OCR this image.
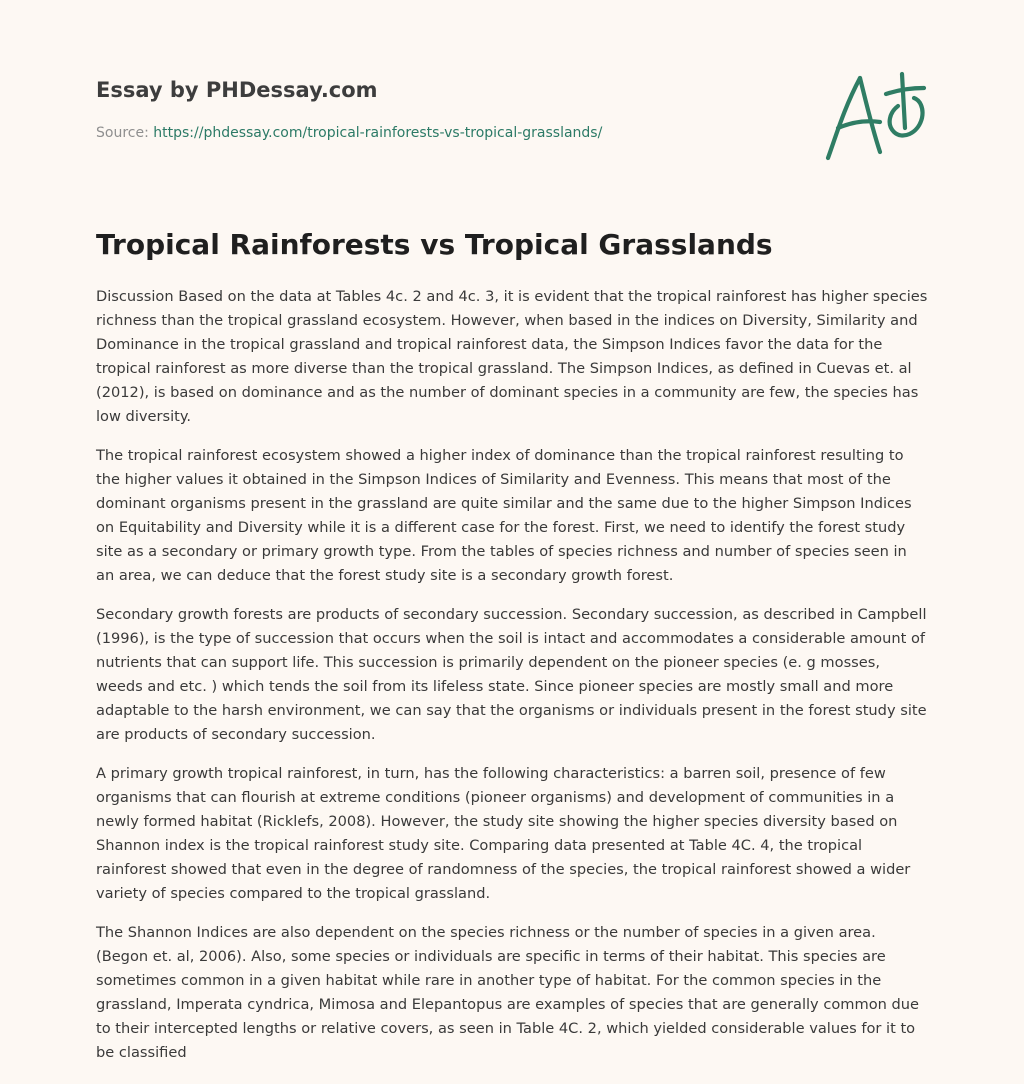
Essay by PHDessay.com
Source: https://phdessay.com/tropical-rainforests-vs-tropical-grasslands/
Tropical Rainforests vs Tropical Grasslands

Discussion Based on the data at Tables 4c. 2 and 4c. 3, it is evident that the tropical rainforest has higher species richness than the tropical grassland ecosystem. However, when based in the indices on Diversity, Similarity and Dominance in the tropical grassland and tropical rainforest data, the Simpson Indices favor the data for the tropical rainforest as more diverse than the tropical grassland. The Simpson Indices, as defined in Cuevas et. al (2012), is based on dominance and as the number of dominant species in a community are few, the species has low diversity.

The tropical rainforest ecosystem showed a higher index of dominance than the tropical rainforest resulting to the higher values it obtained in the Simpson Indices of Similarity and Evenness. This means that most of the dominant organisms present in the grassland are quite similar and the same due to the higher Simpson Indices on Equitability and Diversity while it is a different case for the forest. First, we need to identify the forest study site as a secondary or primary growth type. From the tables of species richness and number of species seen in an area, we can deduce that the forest study site is a secondary growth forest.

Secondary growth forests are products of secondary succession. Secondary succession, as described in Campbell (1996), is the type of succession that occurs when the soil is intact and accommodates a considerable amount of nutrients that can support life. This succession is primarily dependent on the pioneer species (e. g mosses, weeds and etc. ) which tends the soil from its lifeless state. Since pioneer species are mostly small and more adaptable to the harsh environment, we can say that the organisms or individuals present in the forest study site are products of secondary succession.

A primary growth tropical rainforest, in turn, has the following characteristics: a barren soil, presence of few organisms that can flourish at extreme conditions (pioneer organisms) and development of communities in a newly formed habitat (Ricklefs, 2008). However, the study site showing the higher species diversity based on Shannon index is the tropical rainforest study site. Comparing data presented at Table 4C. 4, the tropical rainforest showed that even in the degree of randomness of the species, the tropical rainforest showed a wider variety of species compared to the tropical grassland.

The Shannon Indices are also dependent on the species richness or the number of species in a given area. (Begon et. al, 2006). Also, some species or individuals are specific in terms of their habitat. This species are sometimes common in a given habitat while rare in another type of habitat. For the common species in the grassland, Imperata cyndrica, Mimosa and Elepantopus are examples of species that are generally common due to their intercepted lengths or relative covers, as seen in Table 4C. 2, which yielded considerable values for it to be classified
